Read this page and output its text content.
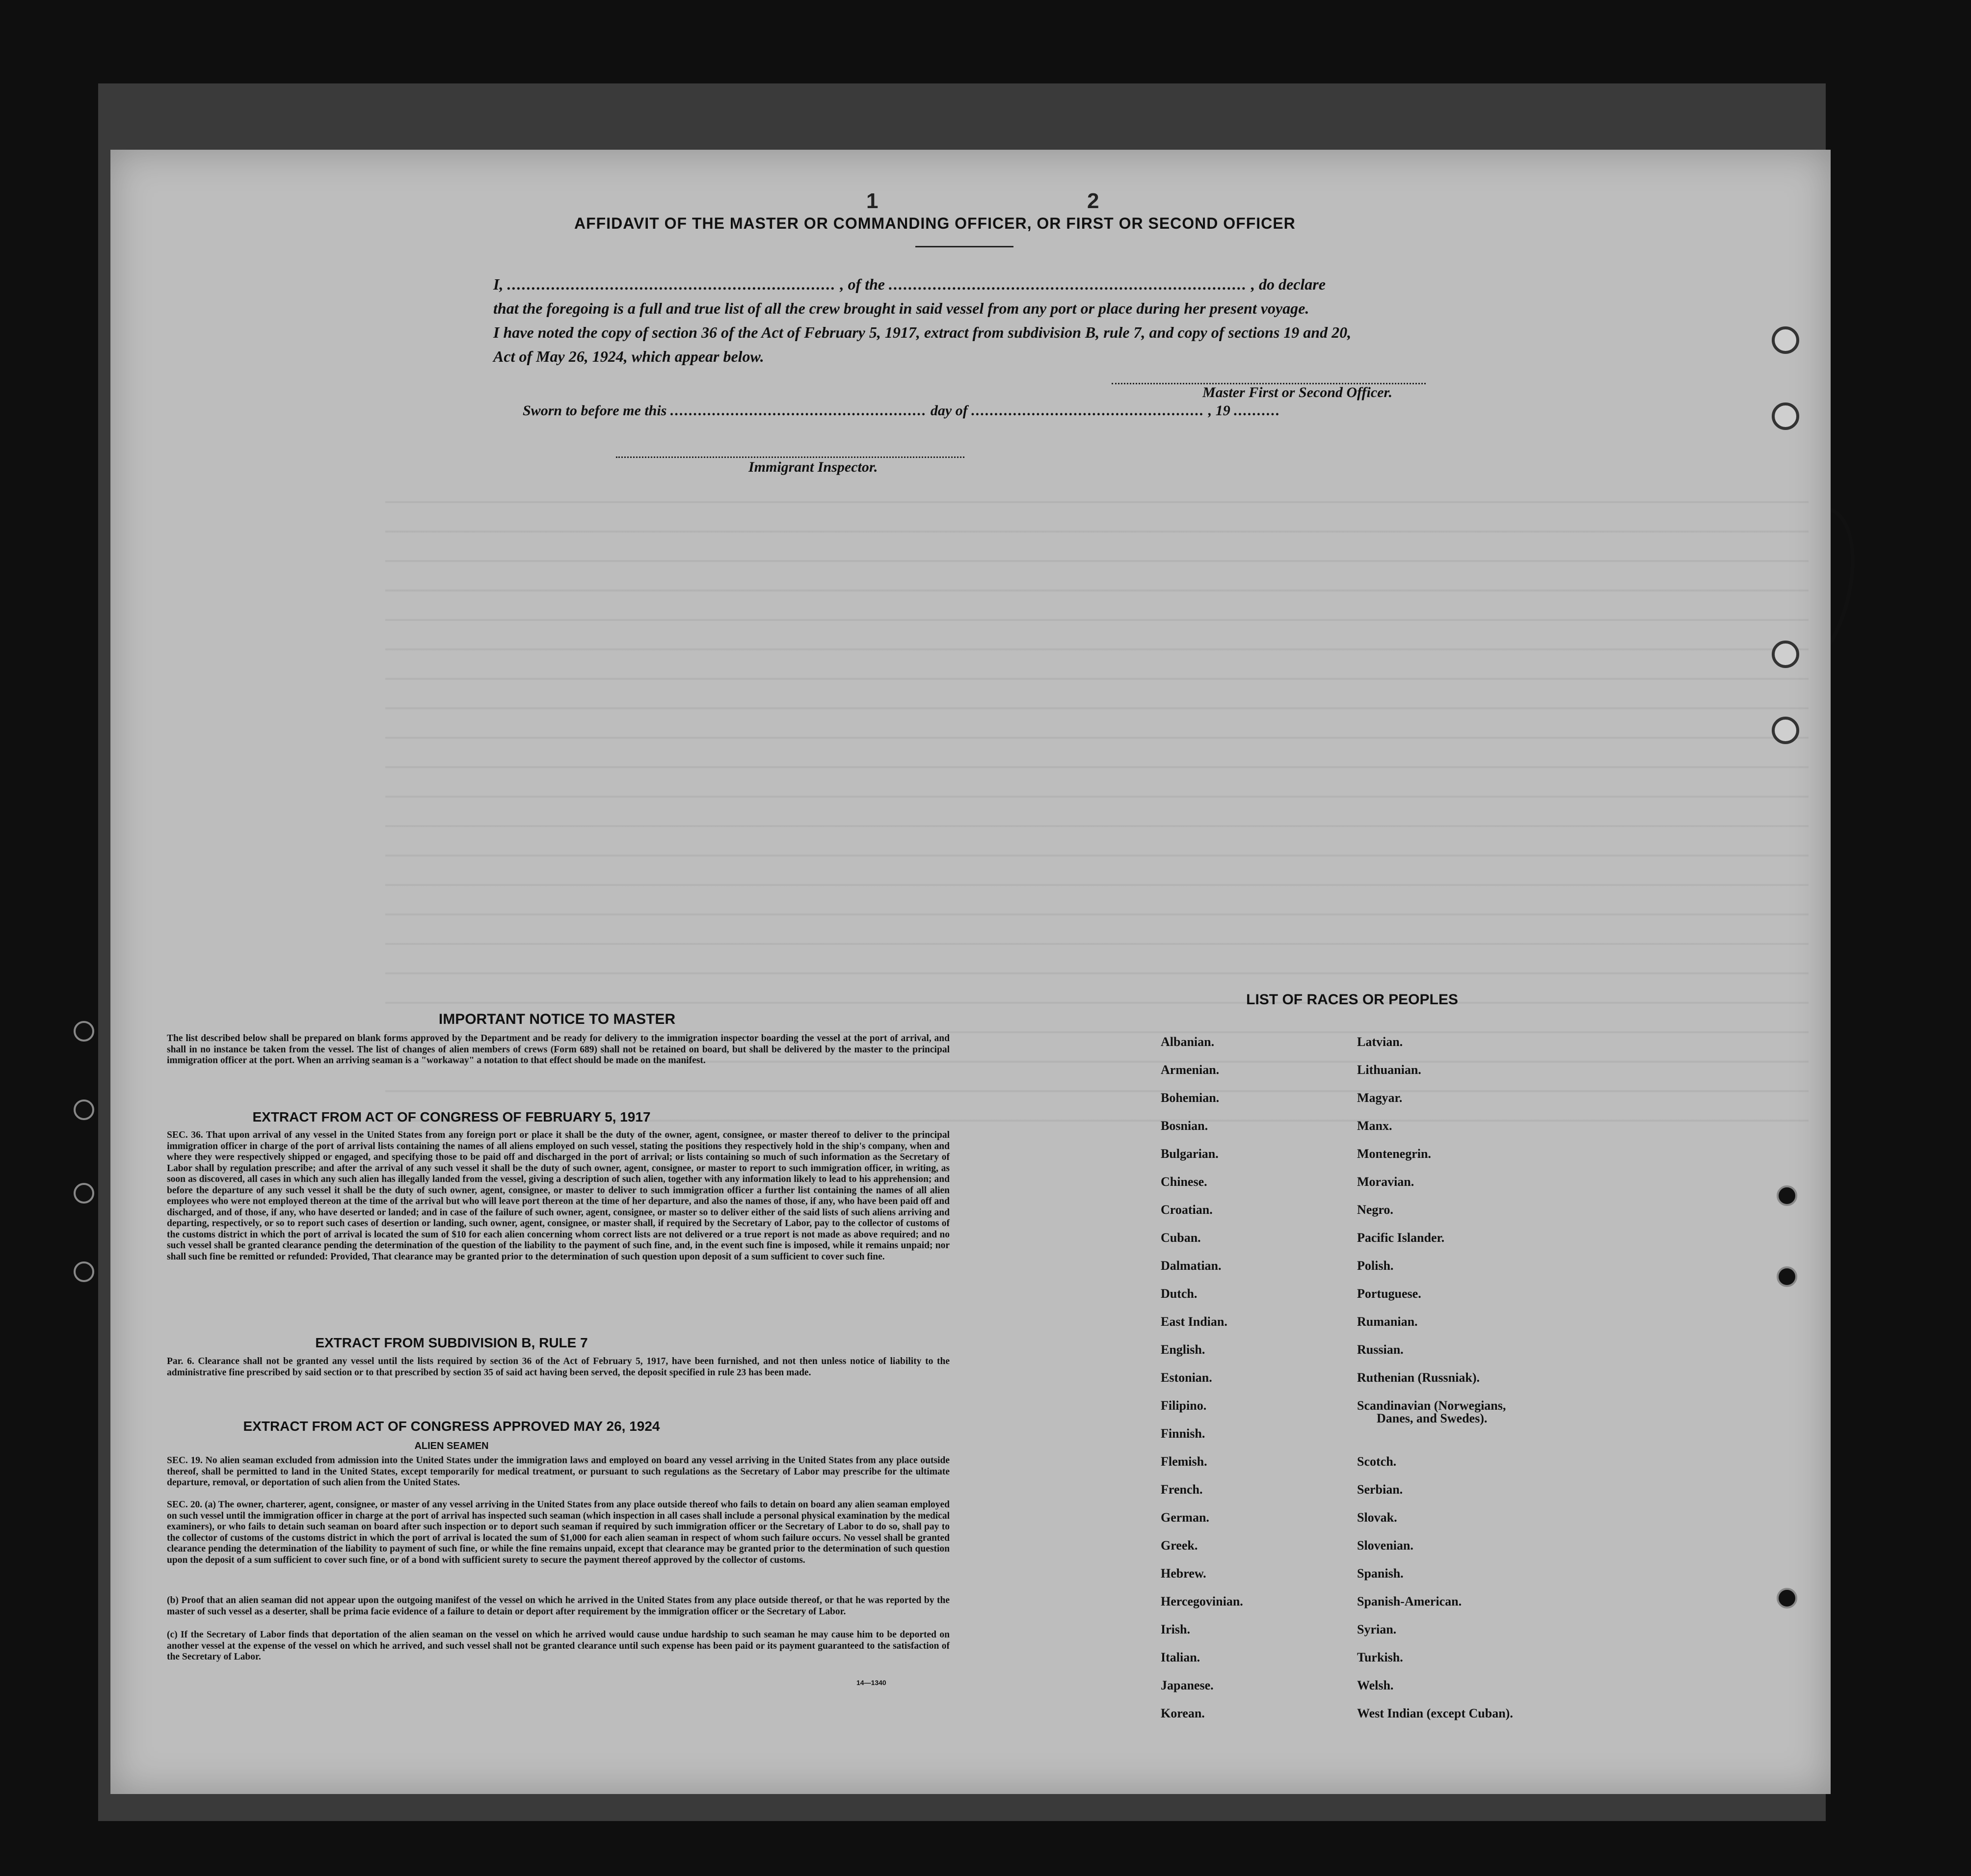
1	2
AFFIDAVIT OF THE MASTER OR COMMANDING OFFICER, OR FIRST OR SECOND OFFICER
I, ................................................................... , of the ......................................................................... , do declare
that the foregoing is a full and true list of all the crew brought in said vessel from any port or place during her present voyage.
I have noted the copy of section 36 of the Act of February 5, 1917, extract from subdivision B, rule 7, and copy of sections 19 and 20,
Act of May 26, 1924, which appear below.
Master First or Second Officer.
Sworn to before me this ....................................................... day of .................................................. , 19 ..........
Immigrant Inspector.
IMPORTANT NOTICE TO MASTER
The list described below shall be prepared on blank forms approved by the Department and be ready for delivery to the immigration inspector boarding the vessel at the port of arrival, and shall in no instance be taken from the vessel. The list of changes of alien members of crews (Form 689) shall not be retained on board, but shall be delivered by the master to the principal immigration officer at the port. When an arriving seaman is a "workaway" a notation to that effect should be made on the manifest.
EXTRACT FROM ACT OF CONGRESS OF FEBRUARY 5, 1917
SEC. 36. That upon arrival of any vessel in the United States from any foreign port or place it shall be the duty of the owner, agent, consignee, or master thereof to deliver to the principal immigration officer in charge of the port of arrival lists containing the names of all aliens employed on such vessel, stating the positions they respectively hold in the ship's company, when and where they were respectively shipped or engaged, and specifying those to be paid off and discharged in the port of arrival; or lists containing so much of such information as the Secretary of Labor shall by regulation prescribe; and after the arrival of any such vessel it shall be the duty of such owner, agent, consignee, or master to report to such immigration officer, in writing, as soon as discovered, all cases in which any such alien has illegally landed from the vessel, giving a description of such alien, together with any information likely to lead to his apprehension; and before the departure of any such vessel it shall be the duty of such owner, agent, consignee, or master to deliver to such immigration officer a further list containing the names of all alien employees who were not employed thereon at the time of the arrival but who will leave port thereon at the time of her departure, and also the names of those, if any, who have been paid off and discharged, and of those, if any, who have deserted or landed; and in case of the failure of such owner, agent, consignee, or master so to deliver either of the said lists of such aliens arriving and departing, respectively, or so to report such cases of desertion or landing, such owner, agent, consignee, or master shall, if required by the Secretary of Labor, pay to the collector of customs of the customs district in which the port of arrival is located the sum of $10 for each alien concerning whom correct lists are not delivered or a true report is not made as above required; and no such vessel shall be granted clearance pending the determination of the question of the liability to the payment of such fine, and, in the event such fine is imposed, while it remains unpaid; nor shall such fine be remitted or refunded: Provided, That clearance may be granted prior to the determination of such question upon deposit of a sum sufficient to cover such fine.
EXTRACT FROM SUBDIVISION B, RULE 7
Par. 6. Clearance shall not be granted any vessel until the lists required by section 36 of the Act of February 5, 1917, have been furnished, and not then unless notice of liability to the administrative fine prescribed by said section or to that prescribed by section 35 of said act having been served, the deposit specified in rule 23 has been made.
EXTRACT FROM ACT OF CONGRESS APPROVED MAY 26, 1924
ALIEN SEAMEN
SEC. 19. No alien seaman excluded from admission into the United States under the immigration laws and employed on board any vessel arriving in the United States from any place outside thereof, shall be permitted to land in the United States, except temporarily for medical treatment, or pursuant to such regulations as the Secretary of Labor may prescribe for the ultimate departure, removal, or deportation of such alien from the United States.
SEC. 20. (a) The owner, charterer, agent, consignee, or master of any vessel arriving in the United States from any place outside thereof who fails to detain on board any alien seaman employed on such vessel until the immigration officer in charge at the port of arrival has inspected such seaman (which inspection in all cases shall include a personal physical examination by the medical examiners), or who fails to detain such seaman on board after such inspection or to deport such seaman if required by such immigration officer or the Secretary of Labor to do so, shall pay to the collector of customs of the customs district in which the port of arrival is located the sum of $1,000 for each alien seaman in respect of whom such failure occurs. No vessel shall be granted clearance pending the determination of the liability to payment of such fine, or while the fine remains unpaid, except that clearance may be granted prior to the determination of such question upon the deposit of a sum sufficient to cover such fine, or of a bond with sufficient surety to secure the payment thereof approved by the collector of customs.
(b) Proof that an alien seaman did not appear upon the outgoing manifest of the vessel on which he arrived in the United States from any place outside thereof, or that he was reported by the master of such vessel as a deserter, shall be prima facie evidence of a failure to detain or deport after requirement by the immigration officer or the Secretary of Labor.
(c) If the Secretary of Labor finds that deportation of the alien seaman on the vessel on which he arrived would cause undue hardship to such seaman he may cause him to be deported on another vessel at the expense of the vessel on which he arrived, and such vessel shall not be granted clearance until such expense has been paid or its payment guaranteed to the satisfaction of the Secretary of Labor.
14—1340
LIST OF RACES OR PEOPLES
Albanian.
Armenian.
Bohemian.
Bosnian.
Bulgarian.
Chinese.
Croatian.
Cuban.
Dalmatian.
Dutch.
East Indian.
English.
Estonian.
Filipino.
Finnish.
Flemish.
French.
German.
Greek.
Hebrew.
Hercegovinian.
Irish.
Italian.
Japanese.
Korean.
Latvian.
Lithuanian.
Magyar.
Manx.
Montenegrin.
Moravian.
Negro.
Pacific Islander.
Polish.
Portuguese.
Rumanian.
Russian.
Ruthenian (Russniak).
Scandinavian (Norwegians,
Danes, and Swedes).
Scotch.
Serbian.
Slovak.
Slovenian.
Spanish.
Spanish-American.
Syrian.
Turkish.
Welsh.
West Indian (except Cuban).
